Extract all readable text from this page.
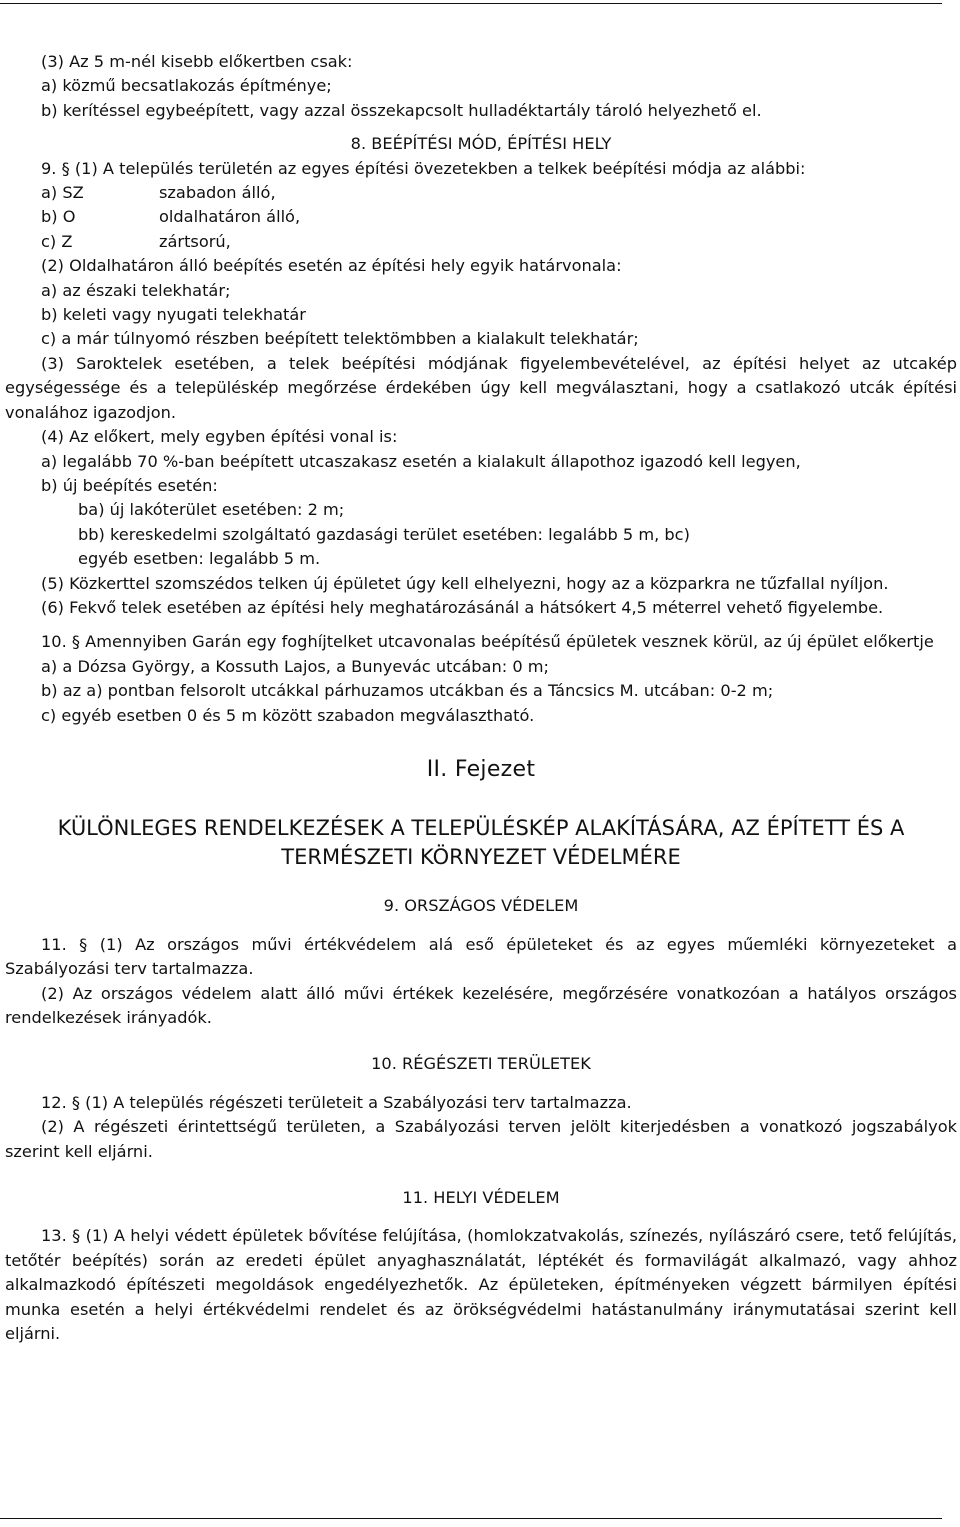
(3) Az 5 m-nél kisebb előkertben csak:

a) közmű becsatlakozás építménye;

b) kerítéssel egybeépített, vagy azzal összekapcsolt hulladéktartály tároló helyezhető el.

8. BEÉPÍTÉSI MÓD, ÉPÍTÉSI HELY

9. § (1) A település területén az egyes építési övezetekben a telkek beépítési módja az alábbi:

a) SZ	szabadon álló,

b) O	oldalhatáron álló,

c) Z	zártsorú,

(2) Oldalhatáron álló beépítés esetén az építési hely egyik határvonala:

a) az északi telekhatár;

b) keleti vagy nyugati telekhatár

c) a már túlnyomó részben beépített telektömbben a kialakult telekhatár;

(3) Saroktelek esetében, a telek beépítési módjának figyelembevételével, az építési helyet az utcakép egységessége és a településkép megőrzése érdekében úgy kell megválasztani, hogy a csatlakozó utcák építési vonalához igazodjon.

(4) Az előkert, mely egyben építési vonal is:

a) legalább 70 %-ban beépített utcaszakasz esetén a kialakult állapothoz igazodó kell legyen,

b) új beépítés esetén:

ba) új lakóterület esetében: 2 m;

bb) kereskedelmi szolgáltató gazdasági terület esetében: legalább 5 m, bc)

egyéb esetben: legalább 5 m.

(5) Közkerttel szomszédos telken új épületet úgy kell elhelyezni, hogy az a közparkra ne tűzfallal nyíljon.

(6) Fekvő telek esetében az építési hely meghatározásánál a hátsókert 4,5 méterrel vehető figyelembe.

10. § Amennyiben Garán egy foghíjtelket utcavonalas beépítésű épületek vesznek körül, az új épület előkertje

a) a Dózsa György, a Kossuth Lajos, a Bunyevác utcában: 0 m;

b) az a) pontban felsorolt utcákkal párhuzamos utcákban és a Táncsics M. utcában: 0-2 m;

c) egyéb esetben 0 és 5 m között szabadon megválasztható.

II. Fejezet

KÜLÖNLEGES RENDELKEZÉSEK A TELEPÜLÉSKÉP ALAKÍTÁSÁRA, AZ ÉPÍTETT ÉS A
TERMÉSZETI KÖRNYEZET VÉDELMÉRE

9. ORSZÁGOS VÉDELEM

11. § (1) Az országos művi értékvédelem alá eső épületeket és az egyes műemléki környezeteket a Szabályozási terv tartalmazza.

(2) Az országos védelem alatt álló művi értékek kezelésére, megőrzésére vonatkozóan a hatályos országos rendelkezések irányadók.

10. RÉGÉSZETI TERÜLETEK

12. § (1) A település régészeti területeit a Szabályozási terv tartalmazza.

(2) A régészeti érintettségű területen, a Szabályozási terven jelölt kiterjedésben a vonatkozó jogszabályok szerint kell eljárni.

11. HELYI VÉDELEM

13. § (1) A helyi védett épületek bővítése felújítása, (homlokzatvakolás, színezés, nyílászáró csere, tető felújítás, tetőtér beépítés) során az eredeti épület anyaghasználatát, léptékét és formavilágát alkalmazó, vagy ahhoz alkalmazkodó építészeti megoldások engedélyezhetők. Az épületeken, építményeken végzett bármilyen építési munka esetén a helyi értékvédelmi rendelet és az örökségvédelmi hatástanulmány iránymutatásai szerint kell eljárni.
